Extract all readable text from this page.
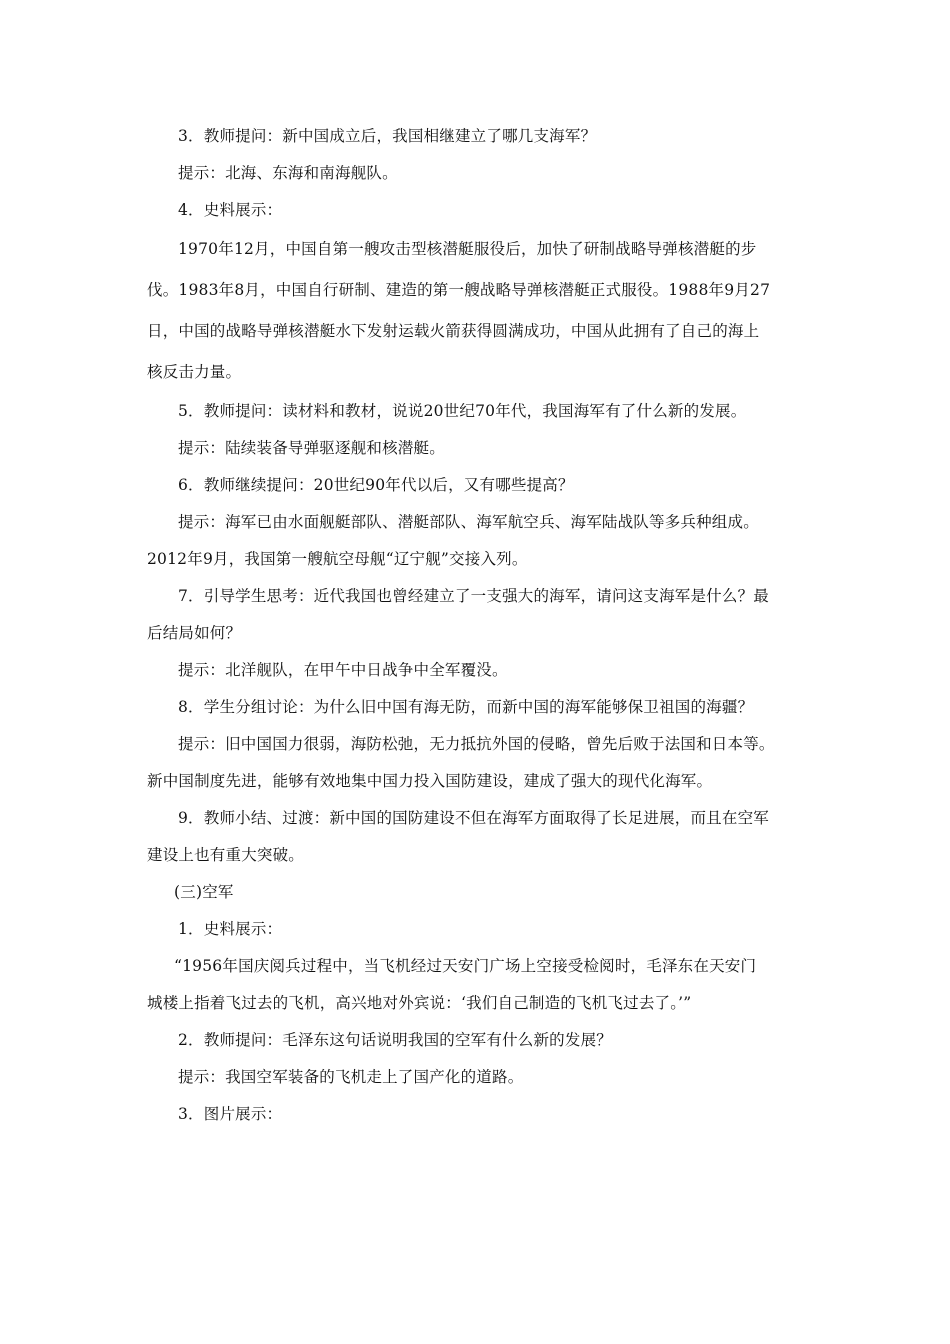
3．教师提问：新中国成立后，我国相继建立了哪几支海军？

提示：北海、东海和南海舰队。

4．史料展示：

1970年12月，中国自第一艘攻击型核潜艇服役后，加快了研制战略导弹核潜艇的步

伐。1983年8月，中国自行研制、建造的第一艘战略导弹核潜艇正式服役。1988年9月27

日，中国的战略导弹核潜艇水下发射运载火箭获得圆满成功，中国从此拥有了自己的海上

核反击力量。

5．教师提问：读材料和教材，说说20世纪70年代，我国海军有了什么新的发展。

提示：陆续装备导弹驱逐舰和核潜艇。

6．教师继续提问：20世纪90年代以后，又有哪些提高？

提示：海军已由水面舰艇部队、潜艇部队、海军航空兵、海军陆战队等多兵种组成。

2012年9月，我国第一艘航空母舰“辽宁舰”交接入列。

7．引导学生思考：近代我国也曾经建立了一支强大的海军，请问这支海军是什么？最

后结局如何？

提示：北洋舰队，在甲午中日战争中全军覆没。

8．学生分组讨论：为什么旧中国有海无防，而新中国的海军能够保卫祖国的海疆？

提示：旧中国国力很弱，海防松弛，无力抵抗外国的侵略，曾先后败于法国和日本等。

新中国制度先进，能够有效地集中国力投入国防建设，建成了强大的现代化海军。

9．教师小结、过渡：新中国的国防建设不但在海军方面取得了长足进展，而且在空军

建设上也有重大突破。

(三)空军

1．史料展示：

“1956年国庆阅兵过程中，当飞机经过天安门广场上空接受检阅时，毛泽东在天安门

城楼上指着飞过去的飞机，高兴地对外宾说：‘我们自己制造的飞机飞过去了。’”

2．教师提问：毛泽东这句话说明我国的空军有什么新的发展？

提示：我国空军装备的飞机走上了国产化的道路。

3．图片展示：
